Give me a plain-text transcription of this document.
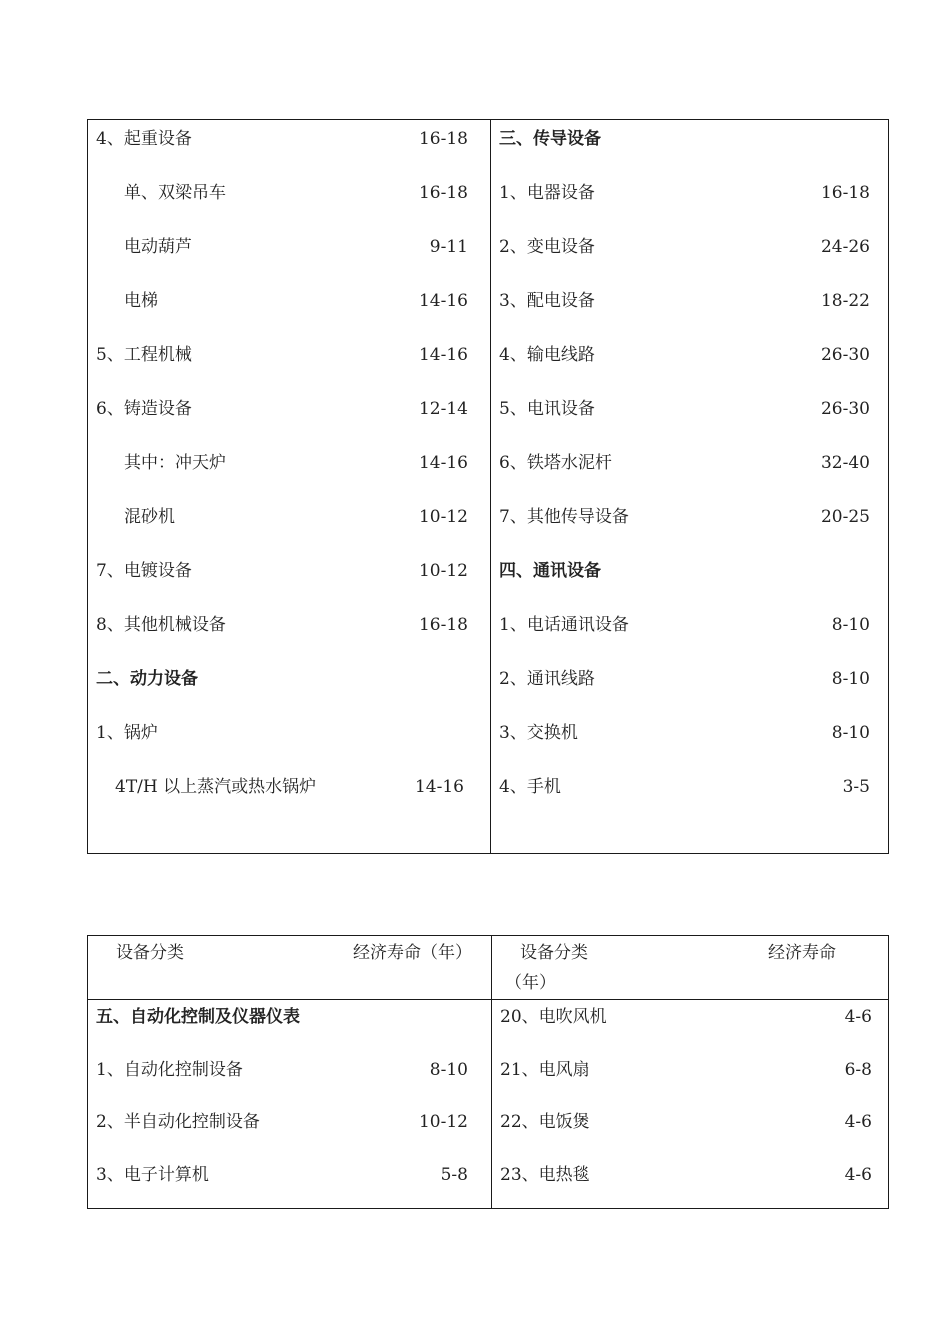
4、起重设备	16-18
单、双梁吊车	16-18
电动葫芦	9-11
电梯	14-16
5、工程机械	14-16
6、铸造设备	12-14
其中：冲天炉	14-16
混砂机	10-12
7、电镀设备	10-12
8、其他机械设备	16-18
二、动力设备
1、锅炉
4T/H 以上蒸汽或热水锅炉	14-16
三、传导设备
1、电器设备	16-18
2、变电设备	24-26
3、配电设备	18-22
4、输电线路	26-30
5、电讯设备	26-30
6、铁塔水泥杆	32-40
7、其他传导设备	20-25
四、通讯设备
1、电话通讯设备	8-10
2、通讯线路	8-10
3、交换机	8-10
4、手机	3-5
设备分类	经济寿命（年）	设备分类	经济寿命
（年）
五、自动化控制及仪器仪表
1、自动化控制设备	8-10
2、半自动化控制设备	10-12
3、电子计算机	5-8
20、电吹风机	4-6
21、电风扇	6-8
22、电饭煲	4-6
23、电热毯	4-6
